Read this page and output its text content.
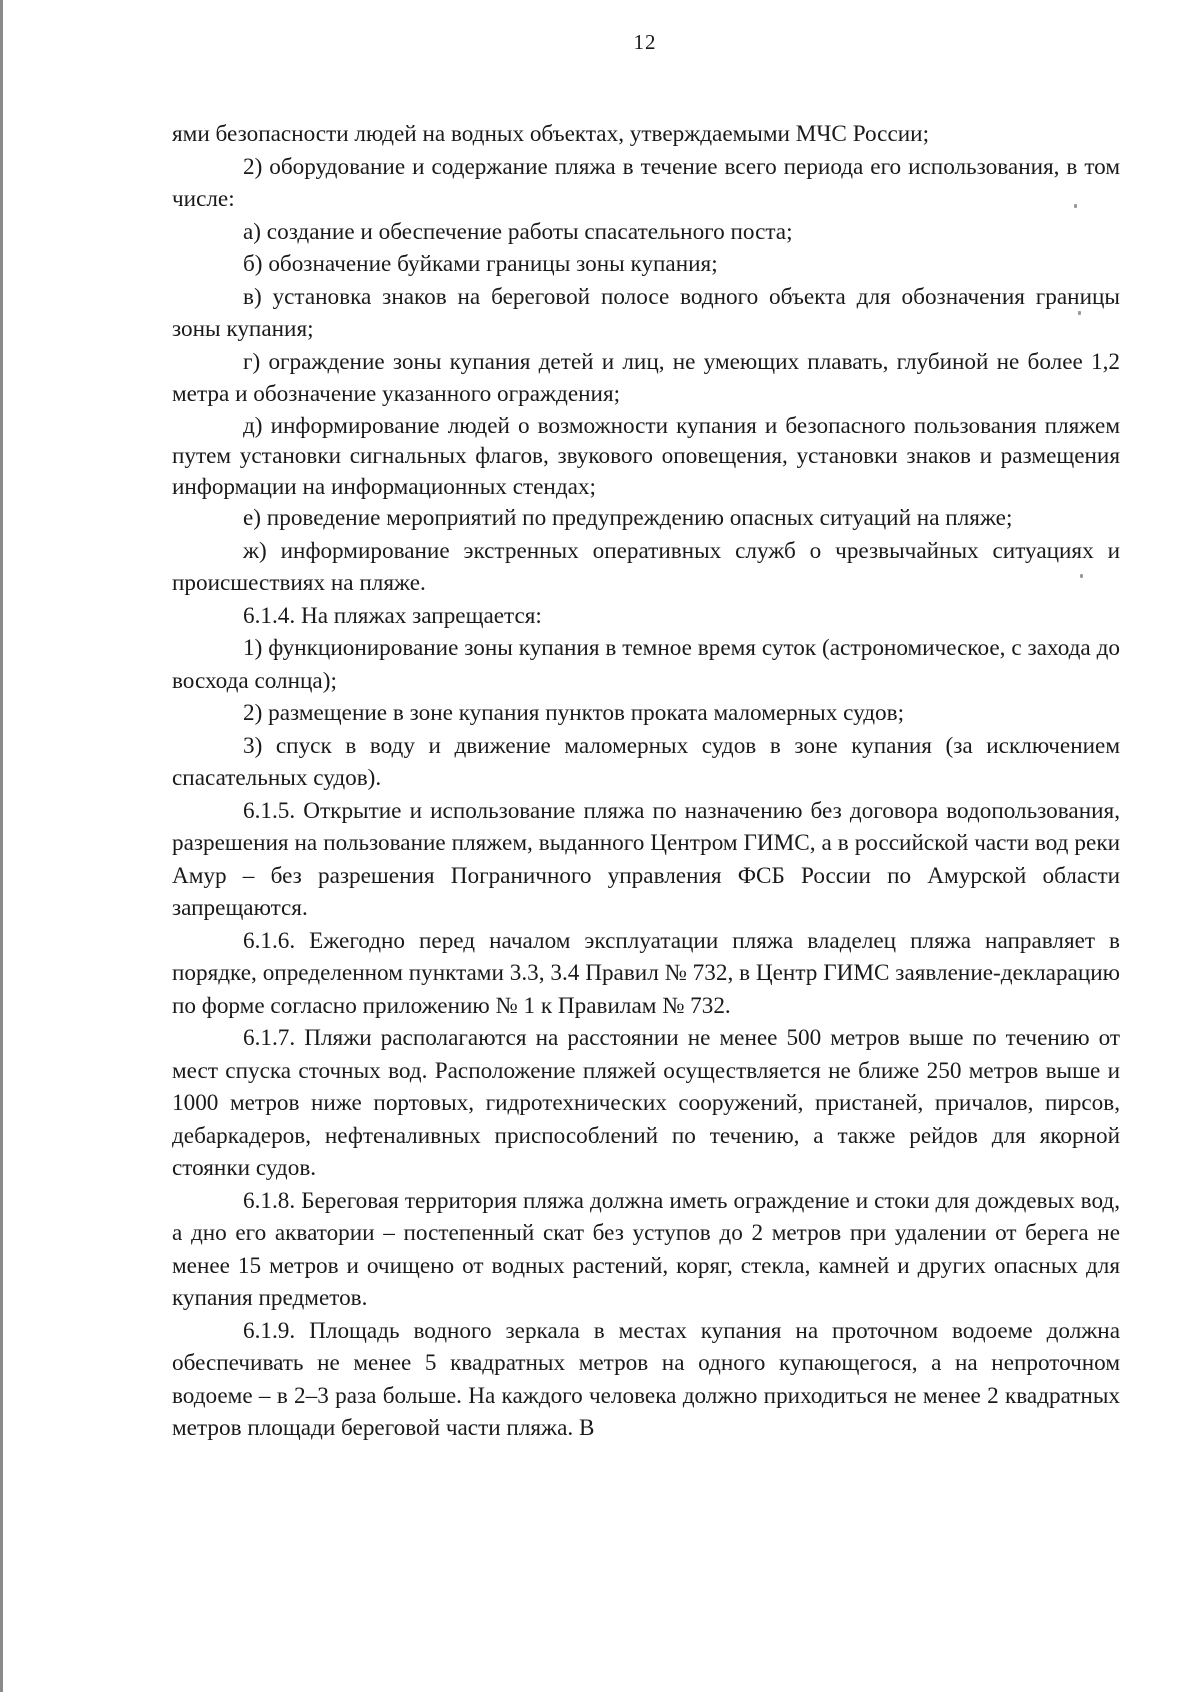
12

ями безопасности людей на водных объектах, утверждаемыми МЧС России;

2) оборудование и содержание пляжа в течение всего периода его использования, в том числе:

а) создание и обеспечение работы спасательного поста;

б) обозначение буйками границы зоны купания;

в) установка знаков на береговой полосе водного объекта для обозначения границы зоны купания;

г) ограждение зоны купания детей и лиц, не умеющих плавать, глубиной не более 1,2 метра и обозначение указанного ограждения;

д) информирование людей о возможности купания и безопасного пользования пляжем путем установки сигнальных флагов, звукового оповещения, установки знаков и размещения информации на информационных стендах;

е) проведение мероприятий по предупреждению опасных ситуаций на пляже;

ж) информирование экстренных оперативных служб о чрезвычайных ситуациях и происшествиях на пляже.

6.1.4. На пляжах запрещается:

1) функционирование зоны купания в темное время суток (астрономическое, с захода до восхода солнца);

2) размещение в зоне купания пунктов проката маломерных судов;

3) спуск в воду и движение маломерных судов в зоне купания (за исключением спасательных судов).

6.1.5. Открытие и использование пляжа по назначению без договора водопользования, разрешения на пользование пляжем, выданного Центром ГИМС, а в российской части вод реки Амур – без разрешения Пограничного управления ФСБ России по Амурской области запрещаются.

6.1.6. Ежегодно перед началом эксплуатации пляжа владелец пляжа направляет в порядке, определенном пунктами 3.3, 3.4 Правил № 732, в Центр ГИМС заявление-декларацию по форме согласно приложению № 1 к Правилам № 732.

6.1.7. Пляжи располагаются на расстоянии не менее 500 метров выше по течению от мест спуска сточных вод. Расположение пляжей осуществляется не ближе 250 метров выше и 1000 метров ниже портовых, гидротехнических сооружений, пристаней, причалов, пирсов, дебаркадеров, нефтеналивных приспособлений по течению, а также рейдов для якорной стоянки судов.

6.1.8. Береговая территория пляжа должна иметь ограждение и стоки для дождевых вод, а дно его акватории – постепенный скат без уступов до 2 метров при удалении от берега не менее 15 метров и очищено от водных растений, коряг, стекла, камней и других опасных для купания предметов.

6.1.9. Площадь водного зеркала в местах купания на проточном водоеме должна обеспечивать не менее 5 квадратных метров на одного купающегося, а на непроточном водоеме – в 2–3 раза больше. На каждого человека должно приходиться не менее 2 квадратных метров площади береговой части пляжа. В
